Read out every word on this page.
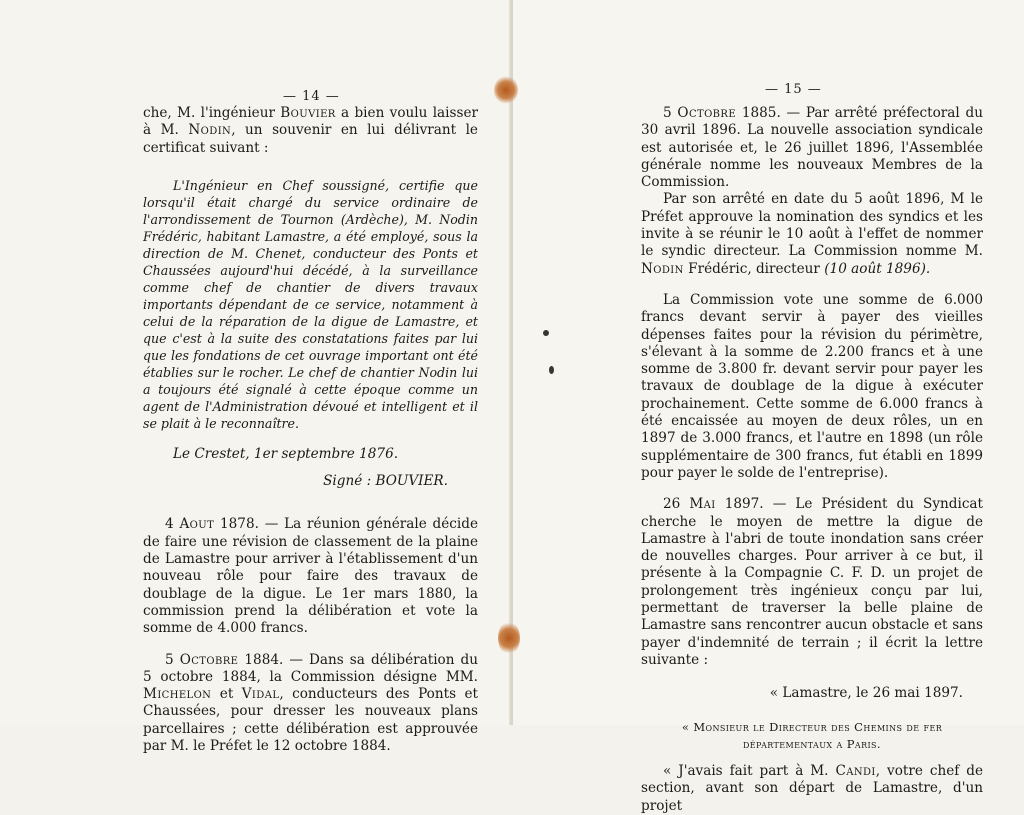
— 14 —

che, M. l'ingénieur Bouvier a bien voulu laisser à M. Nodin, un souvenir en lui délivrant le certificat suivant :

L'Ingénieur en Chef soussigné, certifie que lorsqu'il était chargé du service ordinaire de l'arrondissement de Tournon (Ardèche), M. Nodin Frédéric, habitant Lamastre, a été employé, sous la direction de M. Chenet, conducteur des Ponts et Chaussées aujourd'hui décédé, à la surveillance comme chef de chantier de divers travaux importants dépendant de ce service, notamment à celui de la réparation de la digue de Lamastre, et que c'est à la suite des constatations faites par lui que les fondations de cet ouvrage important ont été établies sur le rocher. Le chef de chantier Nodin lui a toujours été signalé à cette époque comme un agent de l'Administration dévoué et intelligent et il se plait à le reconnaître.

Le Crestet, 1er septembre 1876.

Signé : BOUVIER.

4 Aout 1878. — La réunion générale décide de faire une révision de classement de la plaine de Lamastre pour arriver à l'établissement d'un nouveau rôle pour faire des travaux de doublage de la digue. Le 1er mars 1880, la commission prend la délibération et vote la somme de 4.000 francs.

5 Octobre 1884. — Dans sa délibération du 5 octobre 1884, la Commission désigne MM. Michelon et Vidal, conducteurs des Ponts et Chaussées, pour dresser les nouveaux plans parcellaires ; cette délibération est approuvée par M. le Préfet le 12 octobre 1884.

— 15 —

5 Octobre 1885. — Par arrêté préfectoral du 30 avril 1896. La nouvelle association syndicale est autorisée et, le 26 juillet 1896, l'Assemblée générale nomme les nouveaux Membres de la Commission.

Par son arrêté en date du 5 août 1896, M le Préfet approuve la nomination des syndics et les invite à se réunir le 10 août à l'effet de nommer le syndic directeur. La Commission nomme M. Nodin Frédéric, directeur (10 août 1896).

La Commission vote une somme de 6.000 francs devant servir à payer des vieilles dépenses faites pour la révision du périmètre, s'élevant à la somme de 2.200 francs et à une somme de 3.800 fr. devant servir pour payer les travaux de doublage de la digue à exécuter prochainement. Cette somme de 6.000 francs à été encaissée au moyen de deux rôles, un en 1897 de 3.000 francs, et l'autre en 1898 (un rôle supplémentaire de 300 francs, fut établi en 1899 pour payer le solde de l'entreprise).

26 Mai 1897. — Le Président du Syndicat cherche le moyen de mettre la digue de Lamastre à l'abri de toute inondation sans créer de nouvelles charges. Pour arriver à ce but, il présente à la Compagnie C. F. D. un projet de prolongement très ingénieux conçu par lui, permettant de traverser la belle plaine de Lamastre sans rencontrer aucun obstacle et sans payer d'indemnité de terrain ; il écrit la lettre suivante :

« Lamastre, le 26 mai 1897.

« Monsieur le Directeur des Chemins de fer départementaux a Paris.

« J'avais fait part à M. Candi, votre chef de section, avant son départ de Lamastre, d'un projet
